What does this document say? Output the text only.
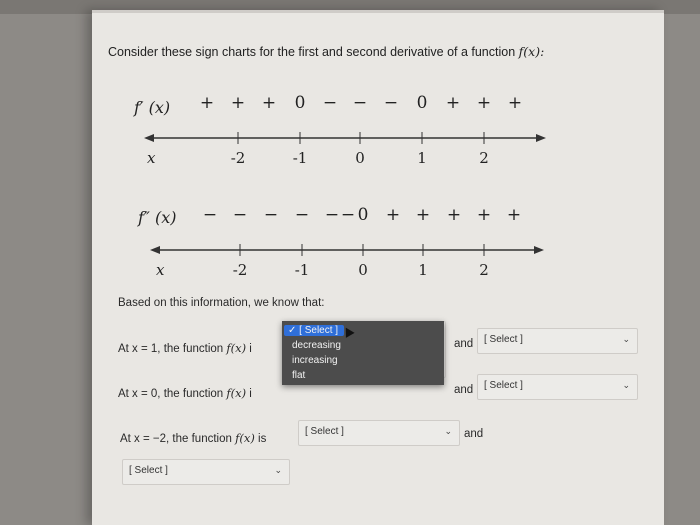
Consider these sign charts for the first and second derivative of a function f(x):
f′ (x) + + + 0 − − − 0 + + +
x	-2	-1	0	1	2
f″ (x) − − − − − − 0 + + + + +
x	-2	-1	0	1	2
Based on this information, we know that:
At x = 1, the function f(x) i	and [ Select ]	⌄
At x = 0, the function f(x) i	and [ Select ]	⌄
At x = −2, the function f(x) is
[ Select ]	⌄ and
[ Select ]	⌄
✓ [ Select ]
decreasing
increasing
flat
